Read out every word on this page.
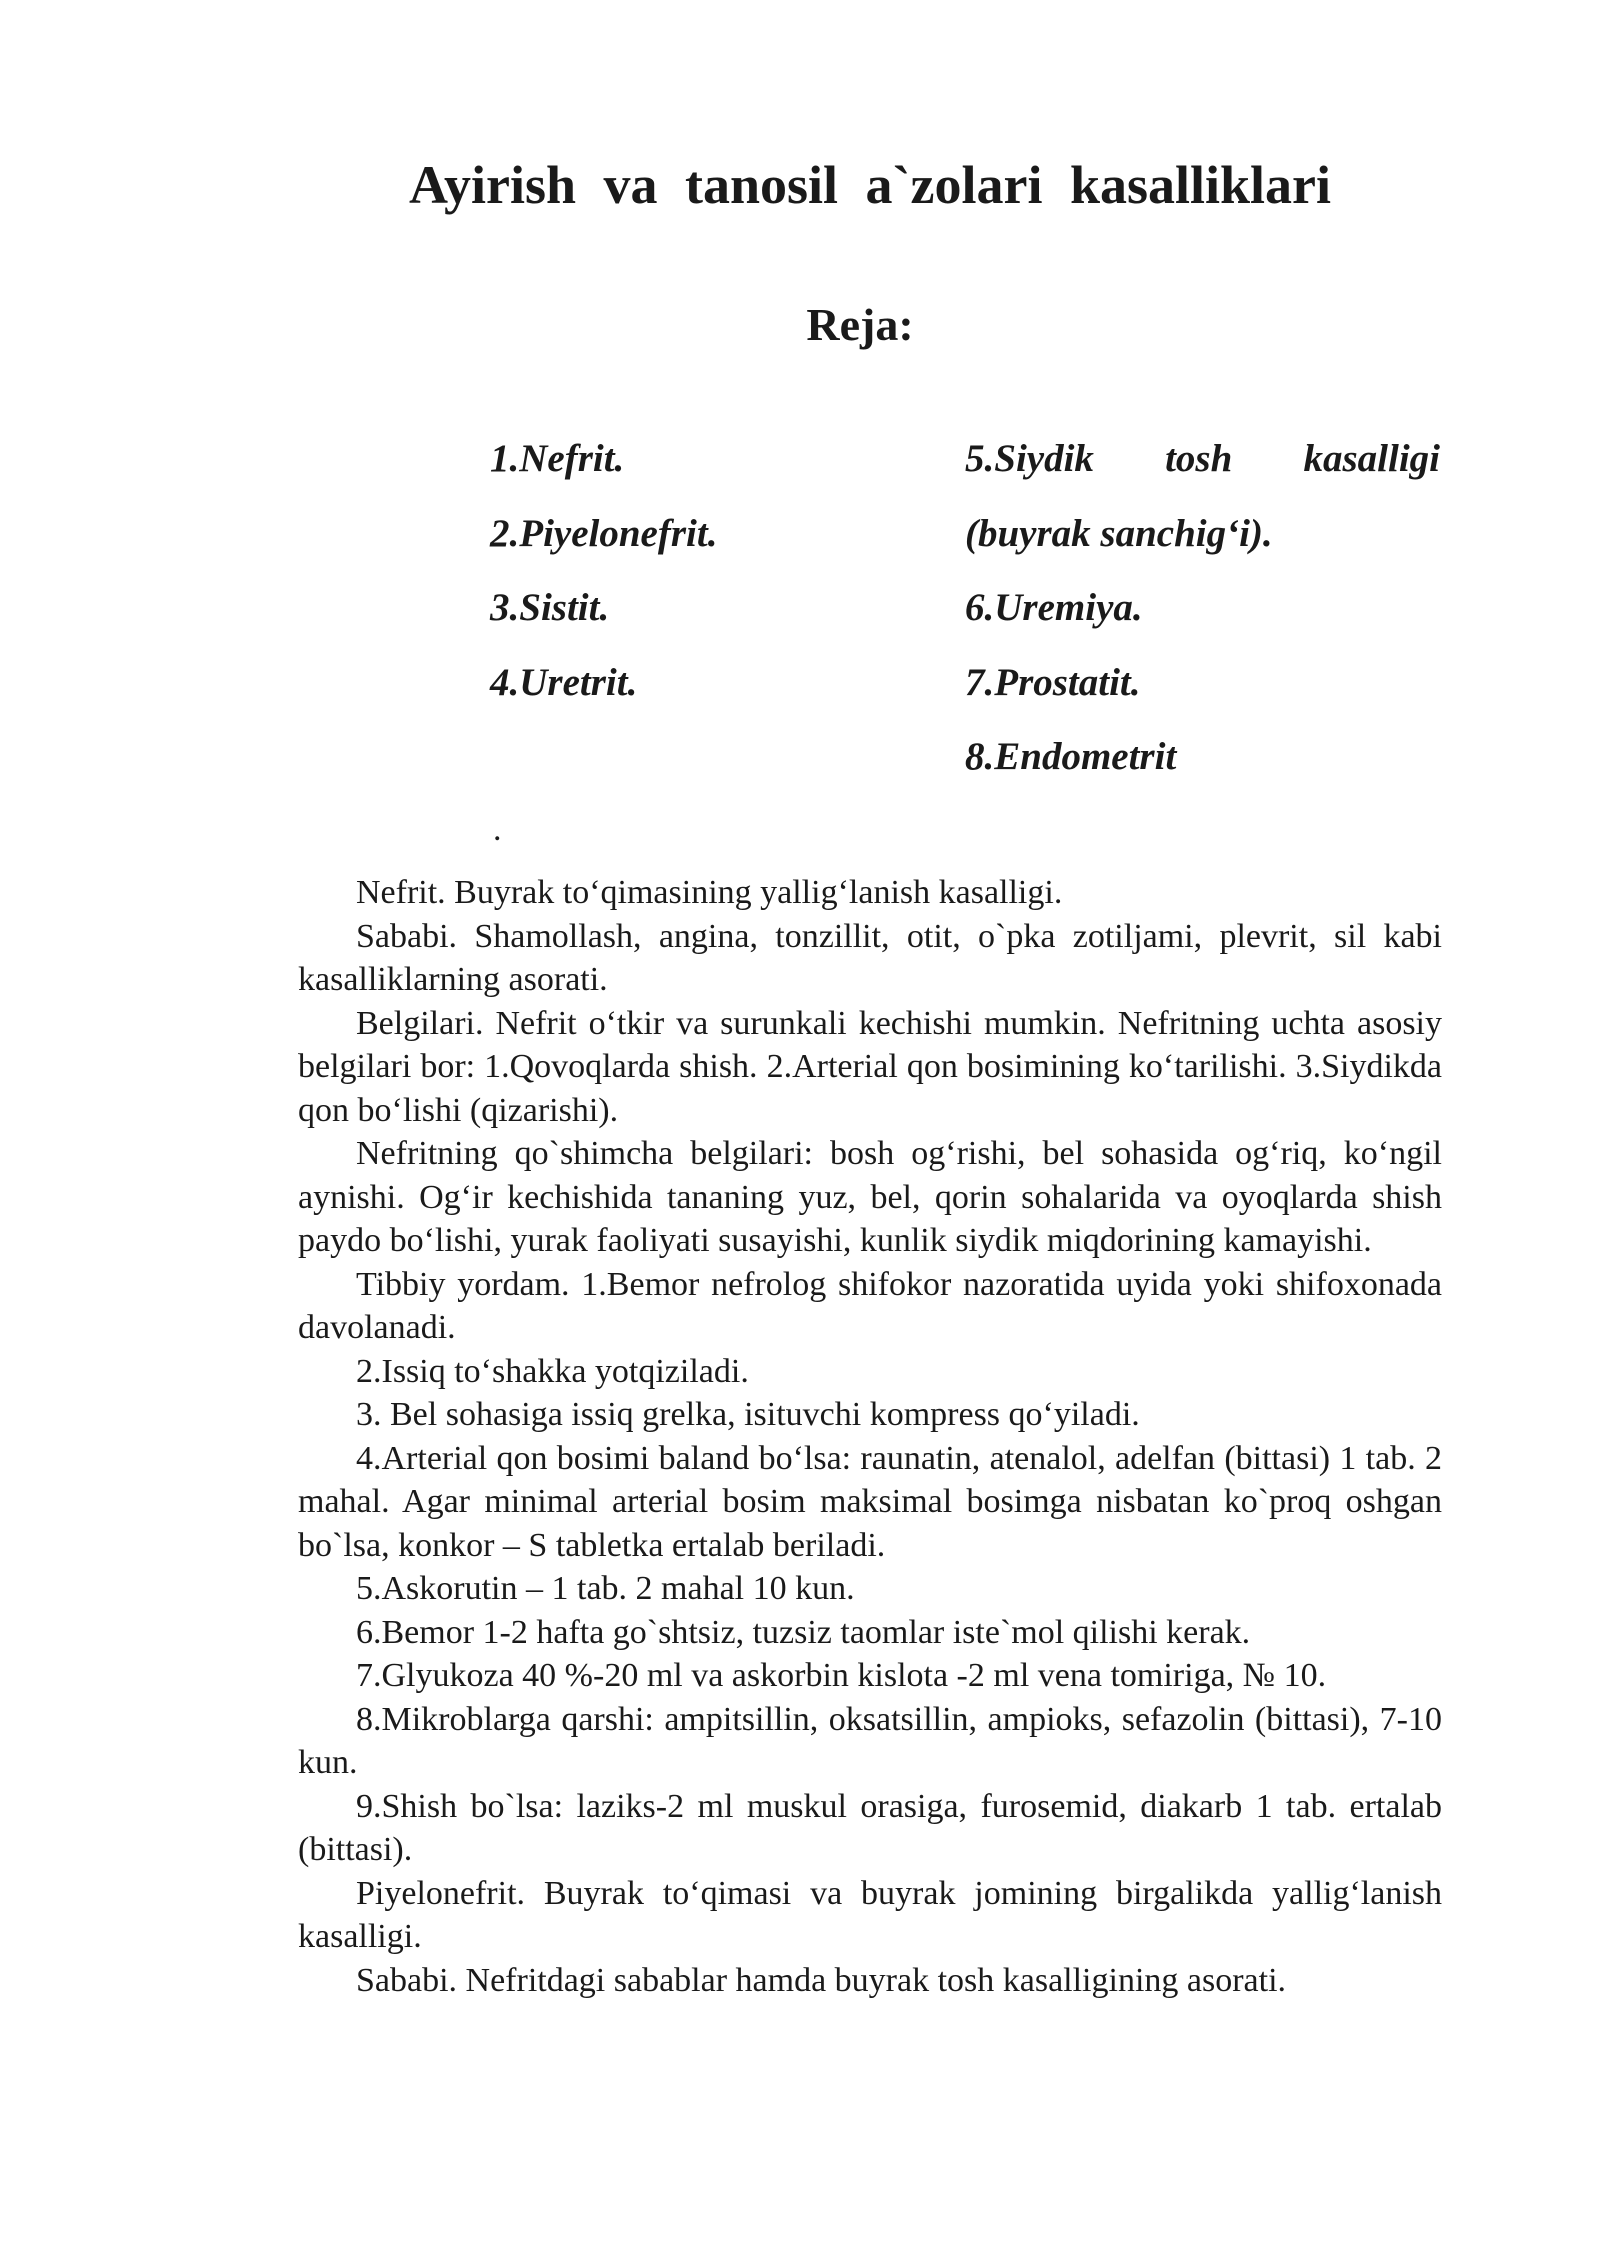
Ayirish va tanosil a`zolari kasalliklari
Reja:
1.Nefrit.
2.Piyelonefrit.
3.Sistit.
4.Uretrit.
5.Siydik tosh kasalligi
(buyrak sanchig‘i).
6.Uremiya.
7.Prostatit.
8.Endometrit
.

Nefrit. Buyrak to‘qimasining yallig‘lanish kasalligi.

Sababi. Shamollash, angina, tonzillit, otit, o`pka zotiljami, plevrit, sil kabi kasalliklarning asorati.

Belgilari. Nefrit o‘tkir va surunkali kechishi mumkin. Nefritning uchta asosiy belgilari bor: 1.Qovoqlarda shish. 2.Arterial qon bosimining ko‘tarilishi. 3.Siydikda qon bo‘lishi (qizarishi).

Nefritning qo`shimcha belgilari: bosh og‘rishi, bel sohasida og‘riq, ko‘ngil aynishi. Og‘ir kechishida tananing yuz, bel, qorin sohalarida va oyoqlarda shish paydo bo‘lishi, yurak faoliyati susayishi, kunlik siydik miqdorining kamayishi.

Tibbiy yordam. 1.Bemor nefrolog shifokor nazoratida uyida yoki shifoxonada davolanadi.

2.Issiq to‘shakka yotqiziladi.

3. Bel sohasiga issiq grelka, isituvchi kompress qo‘yiladi.

4.Arterial qon bosimi baland bo‘lsa: raunatin, atenalol, adelfan (bittasi) 1 tab. 2 mahal. Agar minimal arterial bosim maksimal bosimga nisbatan ko`proq oshgan bo`lsa, konkor – S tabletka ertalab beriladi.

5.Askorutin – 1 tab. 2 mahal 10 kun.

6.Bemor 1-2 hafta go`shtsiz, tuzsiz taomlar iste`mol qilishi kerak.

7.Glyukoza 40 %-20 ml va askorbin kislota -2 ml vena tomiriga, № 10.

8.Mikroblarga qarshi: ampitsillin, oksatsillin, ampioks, sefazolin (bittasi), 7-10 kun.

9.Shish bo`lsa: laziks-2 ml muskul orasiga, furosemid, diakarb 1 tab. ertalab (bittasi).

Piyelonefrit. Buyrak to‘qimasi va buyrak jomining birgalikda yallig‘lanish kasalligi.

Sababi. Nefritdagi sabablar hamda buyrak tosh kasalligining asorati.
